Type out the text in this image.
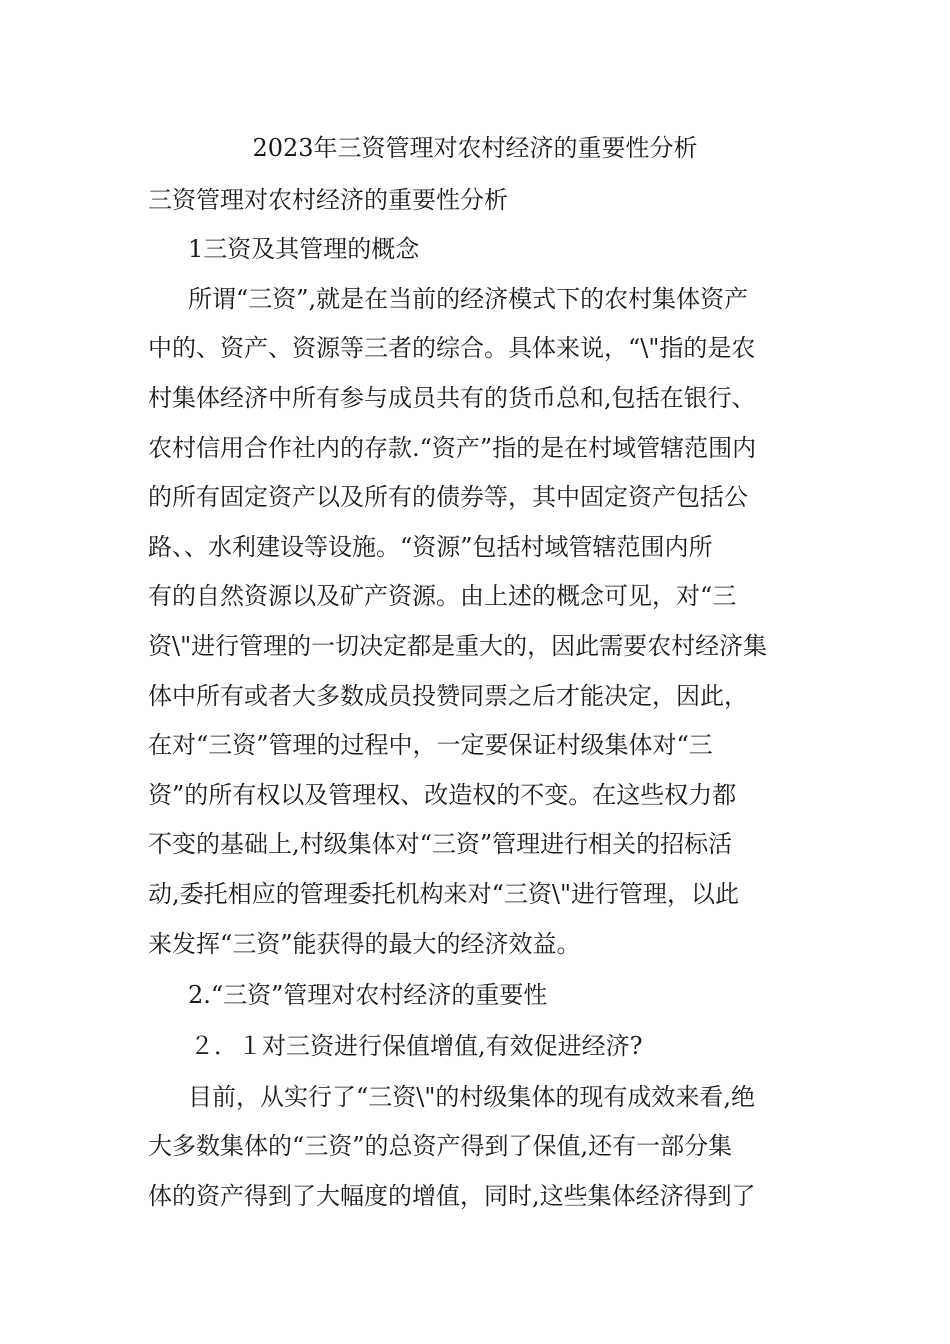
2023年三资管理对农村经济的重要性分析
三资管理对农村经济的重要性分析
1三资及其管理的概念
所谓“三资”,就是在当前的经济模式下的农村集体资产
中的、资产、资源等三者的综合。具体来说，“\"指的是农
村集体经济中所有参与成员共有的货币总和,包括在银行、
农村信用合作社内的存款.“资产”指的是在村域管辖范围内
的所有固定资产以及所有的债券等，其中固定资产包括公
路、、水利建设等设施。“资源”包括村域管辖范围内所
有的自然资源以及矿产资源。由上述的概念可见，对“三
资\"进行管理的一切决定都是重大的，因此需要农村经济集
体中所有或者大多数成员投赞同票之后才能决定，因此，
在对“三资”管理的过程中，一定要保证村级集体对“三
资”的所有权以及管理权、改造权的不变。在这些权力都
不变的基础上,村级集体对“三资”管理进行相关的招标活
动,委托相应的管理委托机构来对“三资\"进行管理，以此
来发挥“三资”能获得的最大的经济效益。
2.“三资”管理对农村经济的重要性
２．１对三资进行保值增值,有效促进经济?
目前，从实行了“三资\"的村级集体的现有成效来看,绝
大多数集体的“三资”的总资产得到了保值,还有一部分集
体的资产得到了大幅度的增值，同时,这些集体经济得到了
